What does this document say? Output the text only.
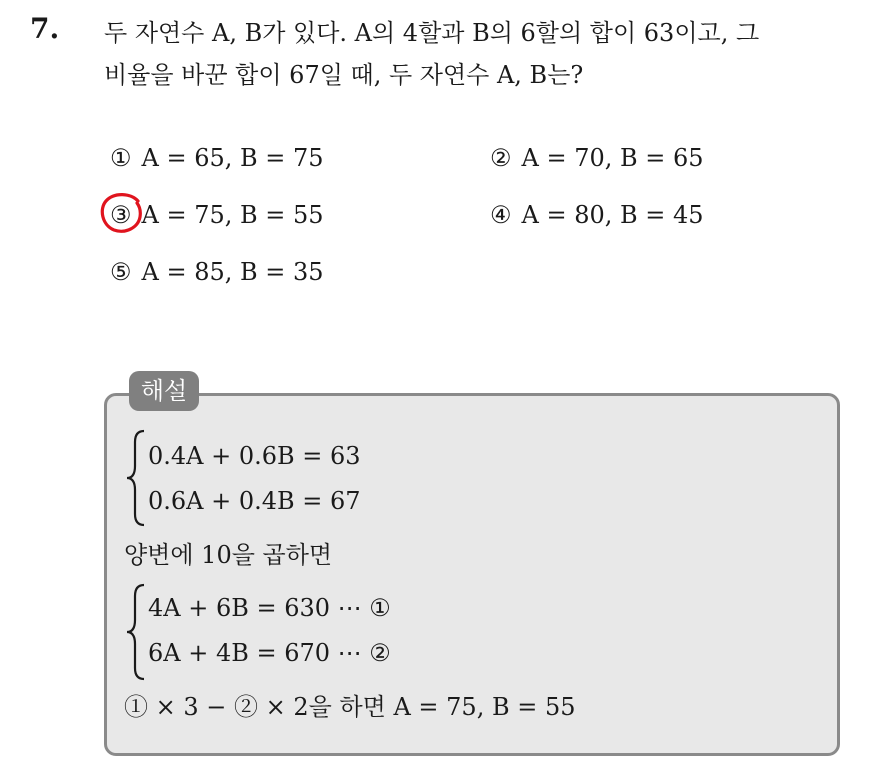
7. 두 자연수 A, B가 있다. A의 4할과 B의 6할의 합이 63이고, 그
비율을 바꾼 합이 67일 때, 두 자연수 A, B는?
① A = 65, B = 75	② A = 70, B = 65
③ A = 75, B = 55	④ A = 80, B = 45
⑤ A = 85, B = 35
해설
0.4A + 0.6B = 63
0.6A + 0.4B = 67
양변에 10을 곱하면
4A + 6B = 630 ⋯ ①
6A + 4B = 670 ⋯ ②
① × 3 − ② × 2을 하면 A = 75, B = 55
